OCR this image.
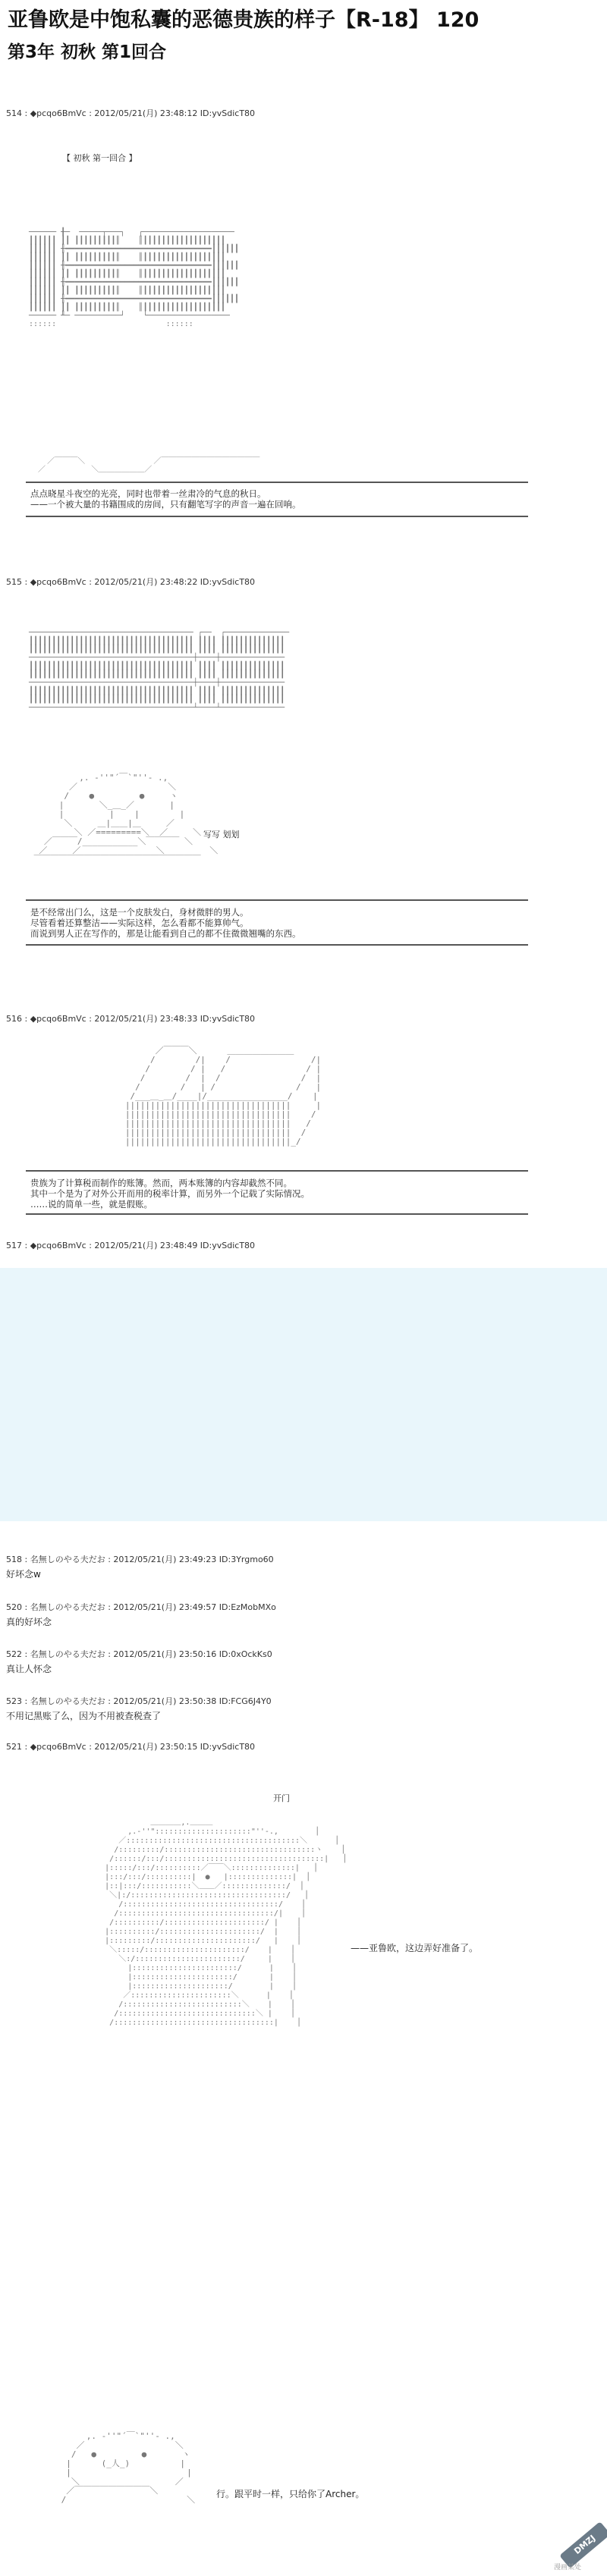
亚鲁欧是中饱私囊的恶德贵族的样子【R-18】 120
第3年 初秋 第1回合
514 : ◆pcqo6BmVc : 2012/05/21(月) 23:48:12 ID:yvSdicT80
【 初秋 第一回合 】

────── ╂─  ─────┬───┐   ┌────────────────────
┃┃┃┃┃┃ ┃┃ ┃┃┃┃┃┃┃┃┃║    ║┃┃┃┃┃┃┃┃┃┃┃┃┃┃┃┃┃┃
┃┃┃┃┃┃ ╫━━━━━━━━━━━━━━━━━━━━━━━━━━━━━━━━┃┃┃┃┃┃
┃┃┃┃┃┃ ┃┃ ┃┃┃┃┃┃┃┃┃║    ║┃┃┃┃┃┃┃┃┃┃┃┃┃┃┃┃┃┃
┃┃┃┃┃┃ ╫━━━━━━━━━━━━━━━━━━━━━━━━━━━━━━━━┃┃┃┃┃┃
┃┃┃┃┃┃ ┃┃ ┃┃┃┃┃┃┃┃┃║    ║┃┃┃┃┃┃┃┃┃┃┃┃┃┃┃┃┃┃
┃┃┃┃┃┃ ╫━━━━━━━━━━━━━━━━━━━━━━━━━━━━━━━━┃┃┃┃┃┃
┃┃┃┃┃┃ ┃┃ ┃┃┃┃┃┃┃┃┃║    ║┃┃┃┃┃┃┃┃┃┃┃┃┃┃┃┃┃┃
┃┃┃┃┃┃ ╫━━━━━━━━━━━━━━━━━━━━━━━━━━━━━━━━┃┃┃┃┃┃
┃┃┃┃┃┃ ┃┃ ┃┃┃┃┃┃┃┃┃║    ║┃┃┃┃┃┃┃┃┃┃┃┃┃┃┃┃┃┃
────── ╨─ ──────────┘    └──────────────────
::::::                        ::::::

／￣￣￣＼               ／￣￣￣￣￣￣￣￣￣￣￣￣￣
／          ＼＿＿＿＿＿＿／

点点晓星斗夜空的光亮，同时也带着一丝肃冷的气息的秋日。
——一个被大量的书籍围成的房间，只有翻笔写字的声音一遍在回响。
515 : ◆pcqo6BmVc : 2012/05/21(月) 23:48:22 ID:yvSdicT80

──────────────────────────────────── ┌──  ┌──────────────
┃┃┃┃┃┃┃┃┃┃┃┃┃┃┃┃┃┃┃┃┃┃┃┃┃┃┃┃┃┃┃┃┃┃┃┃ ┃┃┃┃ ┃┃┃┃┃┃┃┃┃┃┃┃┃┃
┃┃┃┃┃┃┃┃┃┃┃┃┃┃┃┃┃┃┃┃┃┃┃┃┃┃┃┃┃┃┃┃┃┃┃┃ ┃┃┃┃ ┃┃┃┃┃┃┃┃┃┃┃┃┃┃
────────────────────────────────────┼────┼──────────────
┃┃┃┃┃┃┃┃┃┃┃┃┃┃┃┃┃┃┃┃┃┃┃┃┃┃┃┃┃┃┃┃┃┃┃┃ ┃┃┃┃ ┃┃┃┃┃┃┃┃┃┃┃┃┃┃
┃┃┃┃┃┃┃┃┃┃┃┃┃┃┃┃┃┃┃┃┃┃┃┃┃┃┃┃┃┃┃┃┃┃┃┃ ┃┃┃┃ ┃┃┃┃┃┃┃┃┃┃┃┃┃┃
────────────────────────────────────┼────┼──────────────
┃┃┃┃┃┃┃┃┃┃┃┃┃┃┃┃┃┃┃┃┃┃┃┃┃┃┃┃┃┃┃┃┃┃┃┃ ┃┃┃┃ ┃┃┃┃┃┃┃┃┃┃┃┃┃┃
┃┃┃┃┃┃┃┃┃┃┃┃┃┃┃┃┃┃┃┃┃┃┃┃┃┃┃┃┃┃┃┃┃┃┃┃ ┃┃┃┃ ┃┃┃┃┃┃┃┃┃┃┃┃┃┃
────────────────────────────────────┴────┴──────────────

,. ‐''"´￣`"''‐ .,
／                  ＼
/    ●         ●     ヽ
|       ＼_＿_／       |
|         |    |        |
＼     ＿|＿＿|＿     ／
＼ ／=========＼  ／     ＼
／￣￣￣/___________＼￣￣￣￣ ＼
／     ／               ＼         ＼
￣￣￣￣￣￣￣￣￣￣￣￣￣￣￣￣￣￣￣￣

写写 划划
是不经常出门么，这是一个皮肤发白，身材微胖的男人。
尽管看着还算整洁——实际这样，怎么看都不能算帅气。
而说到男人正在写作的，那是让能看到自己的都不住微微翘嘴的东西。
516 : ◆pcqo6BmVc : 2012/05/21(月) 23:48:33 ID:yvSdicT80

／￣￣￣＼      ＿＿＿＿＿＿＿＿
/        /|    /                /|
/        / |   /                / |
/        /  |  /                /  |
/        /   | /                /   |
/___＿_＿/____|/________________/    |
|||||||||||||||||||||||||||||||||     |
|||||||||||||||||||||||||||||||||    /
|||||||||||||||||||||||||||||||||   /
|||||||||||||||||||||||||||||||||  /
|||||||||||||||||||||||||||||||||_/

贵族为了计算税而制作的账簿。然而，两本账簿的内容却截然不同。
其中一个是为了对外公开而用的税率计算，而另外一个记载了实际情况。
……说的简单一些，就是假账。
517 : ◆pcqo6BmVc : 2012/05/21(月) 23:48:49 ID:yvSdicT80
518 : 名無しのやる夫だお : 2012/05/21(月) 23:49:23 ID:3Yrgmo60
好坏念w
520 : 名無しのやる夫だお : 2012/05/21(月) 23:49:57 ID:EzMobMXo
真的好坏念
522 : 名無しのやる夫だお : 2012/05/21(月) 23:50:16 ID:0xOckKs0
真让人怀念
523 : 名無しのやる夫だお : 2012/05/21(月) 23:50:38 ID:FCG6J4Y0
不用记黑账了么，因为不用被查税查了
521 : ◆pcqo6BmVc : 2012/05/21(月) 23:50:15 ID:yvSdicT80
开门

＿＿＿＿,.＿＿＿
,.‐''":::::::::::::::::::::"''‐.,        │
／::::::::::::::::::::::::::::::::::::::＼      │
/:::::::::/:::::::::::::::::::::::::::::::::ヽ    │
/::::::/:::/:::::::::::::::::::::::::::::::::::|   │
|:::::/:::/::::::::::／￣￣＼::::::::::::::|   │
|:::/:::/::::::::::|  ●   |::::::::::::::|  │
|::|:::/:::::::::::＼＿＿／::::::::::::::/  │
＼|:/::::::::::::::::::::::::::::::::::/   │
/::::::::::::::::::::::::::::::::::/    │
/::::::::::::::::::::::::::::::::::/|    │
/::::::::::/::::::::::::::::::::::/ |    │
|::::::::::/::::::::::::::::::::::/  |    │
|:::::::::/::::::::::::::::::::::/   |    │
＼:::::/::::::::::::::::::::::/    |    │
＼:/:::::::::::::::::::::::/     |    │
|:::::::::::::::::::::::/      |    │
|::::::::::::::::::::::/       |    │
|:::::::::::::::::::::/        |    │
／::::::::::::::::::::::＼      |    │
/::::::::::::::::::::::::::＼    |    │
/::::::::::::::::::::::::::::::＼ |    │
/:::::::::::::::::::::::::::::::::::|    │

——亚鲁欧，这边弄好准备了。

,. ‐''"´￣`"''‐ .,
／                  ＼
/   ●         ●       ヽ
|      (_人_)          |
|                       |
＼                   ／
／￣￣￣￣￣￣￣￣￣＼
/                        ＼

行。跟平时一样，只给你了Archer。
DMZJ
漫画某处
